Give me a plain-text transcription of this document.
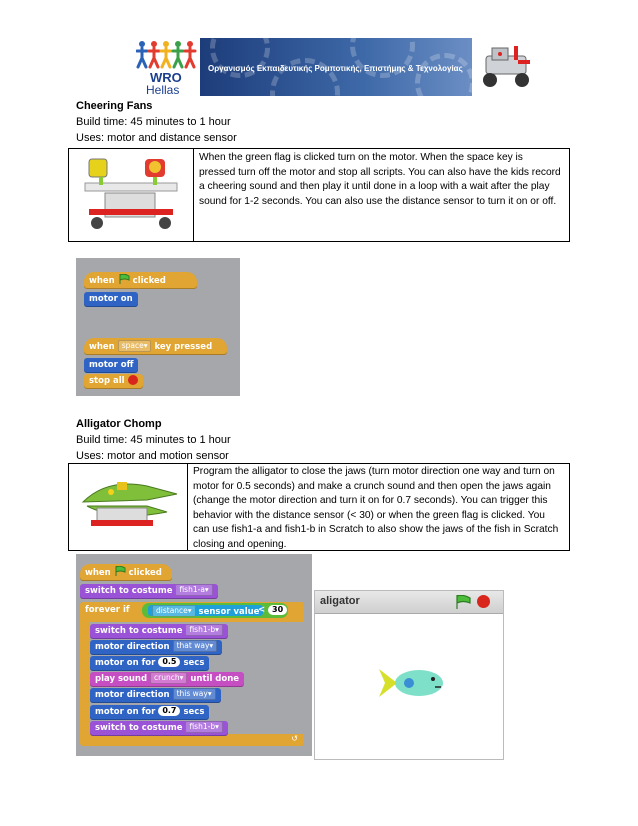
WRO
Hellas
Οργανισμός Εκπαιδευτικής Ρομποτικής, Επιστήμης & Τεχνολογίας
Cheering Fans
Build time: 45 minutes to 1 hour
Uses: motor and distance sensor
When the green flag is clicked turn on the motor. When the space key is pressed turn off the motor and stop all scripts. You can also have the kids record a cheering sound and then play it until done in a loop with a wait after the play sound for 1-2 seconds. You can also use the distance sensor to turn it on or off.
when clicked
motor on
when space▾ key pressed
motor off
stop all
Alligator Chomp
Build time: 45 minutes to 1 hour
Uses: motor and motion sensor
Program the alligator to close the jaws (turn motor direction one way and turn on motor for 0.5 seconds) and make a crunch sound and then open the jaws again (change the motor direction and turn it on for 0.7 seconds). You can trigger this behavior with the distance sensor (< 30) or when the green flag is clicked. You can use fish1-a and fish1-b in Scratch to also show the jaws of the fish in Scratch closing and opening.
when clicked
switch to costume fish1-a▾
forever if	distance▾ sensor value
< 30
↺
switch to costume fish1-b▾
motor direction that way▾
motor on for 0.5 secs
play sound crunch▾ until done
motor direction this way▾
motor on for 0.7 secs
switch to costume fish1-b▾
aligator
